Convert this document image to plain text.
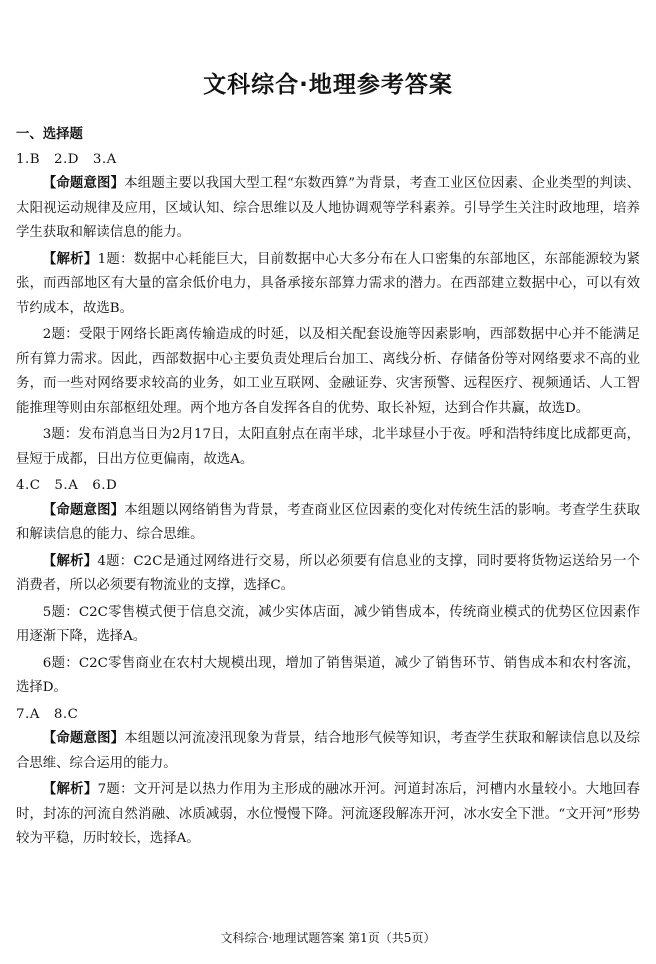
文科综合·地理参考答案
一、选择题
1.B　2.D　3.A

【命题意图】本组题主要以我国大型工程“东数西算”为背景，考查工业区位因素、企业类型的判读、太阳视运动规律及应用，区域认知、综合思维以及人地协调观等学科素养。引导学生关注时政地理，培养学生获取和解读信息的能力。

【解析】1题：数据中心耗能巨大，目前数据中心大多分布在人口密集的东部地区，东部能源较为紧张，而西部地区有大量的富余低价电力，具备承接东部算力需求的潜力。在西部建立数据中心，可以有效节约成本，故选B。

2题：受限于网络长距离传输造成的时延，以及相关配套设施等因素影响，西部数据中心并不能满足所有算力需求。因此，西部数据中心主要负责处理后台加工、离线分析、存储备份等对网络要求不高的业务，而一些对网络要求较高的业务，如工业互联网、金融证券、灾害预警、远程医疗、视频通话、人工智能推理等则由东部枢纽处理。两个地方各自发挥各自的优势、取长补短，达到合作共赢，故选D。

3题：发布消息当日为2月17日，太阳直射点在南半球，北半球昼小于夜。呼和浩特纬度比成都更高，昼短于成都，日出方位更偏南，故选A。

4.C　5.A　6.D

【命题意图】本组题以网络销售为背景，考查商业区位因素的变化对传统生活的影响。考查学生获取和解读信息的能力、综合思维。

【解析】4题：C2C是通过网络进行交易，所以必须要有信息业的支撑，同时要将货物运送给另一个消费者，所以必须要有物流业的支撑，选择C。

5题：C2C零售模式便于信息交流，减少实体店面，减少销售成本，传统商业模式的优势区位因素作用逐渐下降，选择A。

6题：C2C零售商业在农村大规模出现，增加了销售渠道，减少了销售环节、销售成本和农村客流，选择D。

7.A　8.C

【命题意图】本组题以河流凌汛现象为背景，结合地形气候等知识，考查学生获取和解读信息以及综合思维、综合运用的能力。

【解析】7题：文开河是以热力作用为主形成的融冰开河。河道封冻后，河槽内水量较小。大地回春时，封冻的河流自然消融、冰质减弱，水位慢慢下降。河流逐段解冻开河，冰水安全下泄。“文开河”形势较为平稳，历时较长，选择A。

文科综合·地理试题答案 第1页（共5页）
